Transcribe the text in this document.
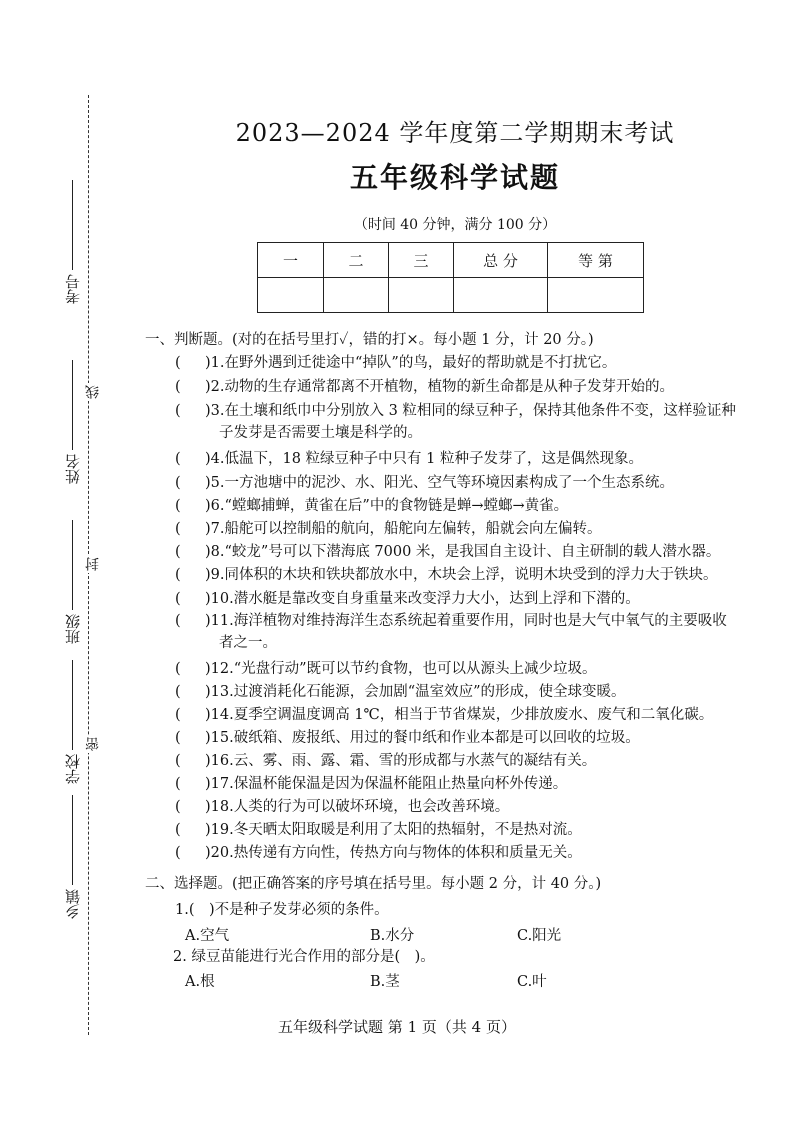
考号
姓名
班级
学校
乡镇
线
封
密
2023—2024 学年度第二学期期末考试
五年级科学试题
（时间 40 分钟，满分 100 分）
一	二	三	总 分	等 第

一、判断题。(对的在括号里打✓，错的打×。每小题 1 分，计 20 分。)
( )1.在野外遇到迁徙途中“掉队”的鸟，最好的帮助就是不打扰它。
( )2.动物的生存通常都离不开植物，植物的新生命都是从种子发芽开始的。
( )3.在土壤和纸巾中分别放入 3 粒相同的绿豆种子，保持其他条件不变，这样验证种
子发芽是否需要土壤是科学的。
( )4.低温下，18 粒绿豆种子中只有 1 粒种子发芽了，这是偶然现象。
( )5.一方池塘中的泥沙、水、阳光、空气等环境因素构成了一个生态系统。
( )6.“螳螂捕蝉，黄雀在后”中的食物链是蝉→螳螂→黄雀。
( )7.船舵可以控制船的航向，船舵向左偏转，船就会向左偏转。
( )8.“蛟龙”号可以下潜海底 7000 米，是我国自主设计、自主研制的载人潜水器。
( )9.同体积的木块和铁块都放水中，木块会上浮，说明木块受到的浮力大于铁块。
( )10.潜水艇是靠改变自身重量来改变浮力大小，达到上浮和下潜的。
( )11.海洋植物对维持海洋生态系统起着重要作用，同时也是大气中氧气的主要吸收
者之一。
( )12.“光盘行动”既可以节约食物，也可以从源头上减少垃圾。
( )13.过渡消耗化石能源，会加剧“温室效应”的形成，使全球变暖。
( )14.夏季空调温度调高 1℃，相当于节省煤炭，少排放废水、废气和二氧化碳。
( )15.破纸箱、废报纸、用过的餐巾纸和作业本都是可以回收的垃圾。
( )16.云、雾、雨、露、霜、雪的形成都与水蒸气的凝结有关。
( )17.保温杯能保温是因为保温杯能阻止热量向杯外传递。
( )18.人类的行为可以破坏环境，也会改善环境。
( )19.冬天晒太阳取暖是利用了太阳的热辐射，不是热对流。
( )20.热传递有方向性，传热方向与物体的体积和质量无关。
二、选择题。(把正确答案的序号填在括号里。每小题 2 分，计 40 分。)
1.(　)不是种子发芽必须的条件。
A.空气	B.水分	C.阳光
2. 绿豆苗能进行光合作用的部分是(　)。
A.根	B.茎	C.叶
五年级科学试题 第 1 页（共 4 页）
